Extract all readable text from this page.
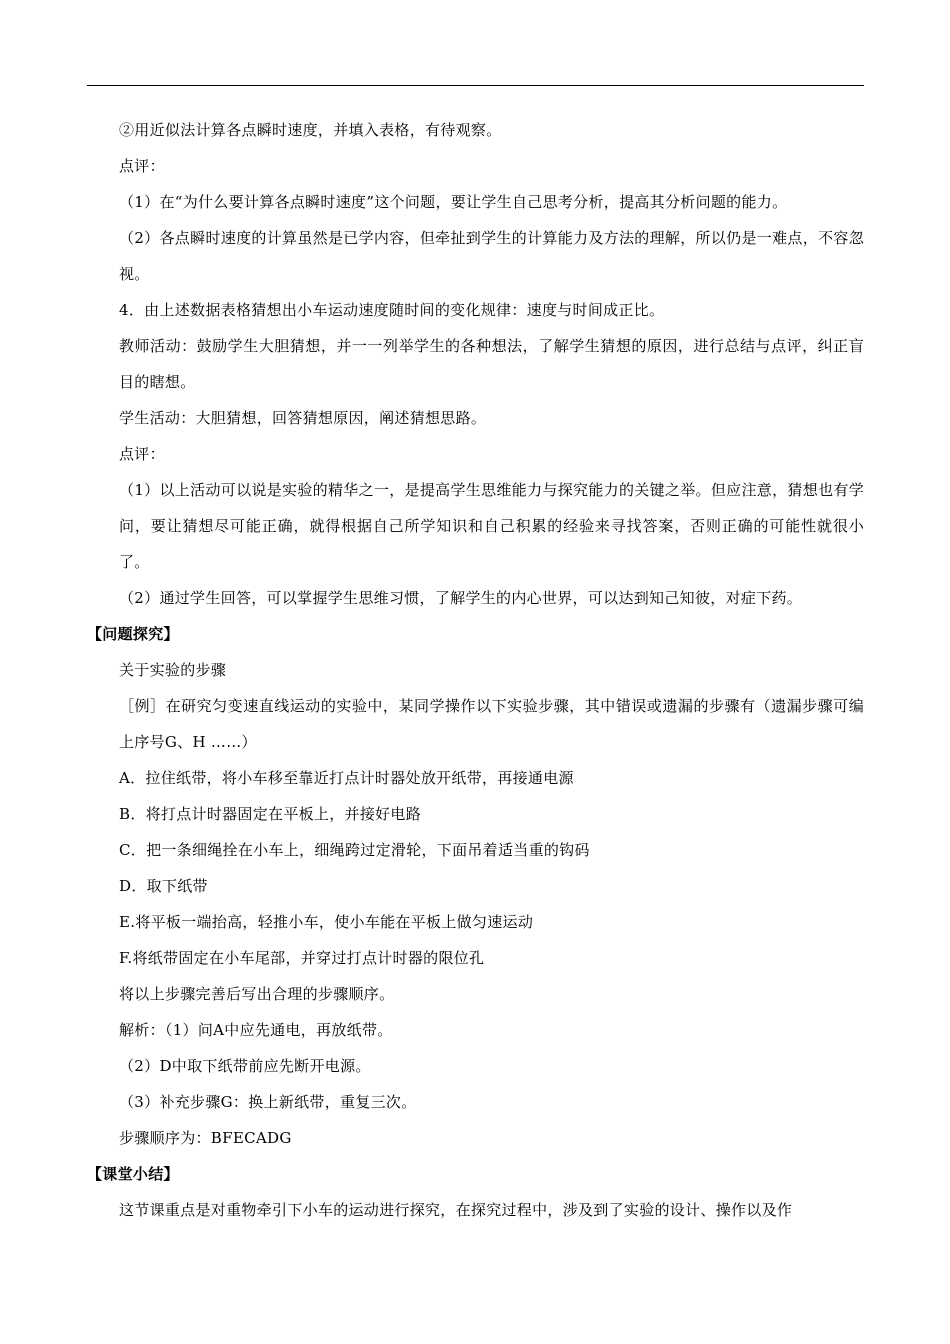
②用近似法计算各点瞬时速度，并填入表格，有待观察。

点评：

（1）在“为什么要计算各点瞬时速度”这个问题，要让学生自己思考分析，提高其分析问题的能力。

（2）各点瞬时速度的计算虽然是已学内容，但牵扯到学生的计算能力及方法的理解，所以仍是一难点，不容忽视。

4．由上述数据表格猜想出小车运动速度随时间的变化规律：速度与时间成正比。

教师活动：鼓励学生大胆猜想，并一一列举学生的各种想法，了解学生猜想的原因，进行总结与点评，纠正盲目的瞎想。

学生活动：大胆猜想，回答猜想原因，阐述猜想思路。

点评：

（1）以上活动可以说是实验的精华之一，是提高学生思维能力与探究能力的关键之举。但应注意，猜想也有学问，要让猜想尽可能正确，就得根据自己所学知识和自己积累的经验来寻找答案，否则正确的可能性就很小了。

（2）通过学生回答，可以掌握学生思维习惯，了解学生的内心世界，可以达到知己知彼，对症下药。

【问题探究】

关于实验的步骤

［例］在研究匀变速直线运动的实验中，某同学操作以下实验步骤，其中错误或遗漏的步骤有（遗漏步骤可编上序号G、H ……）

A．拉住纸带，将小车移至靠近打点计时器处放开纸带，再接通电源

B．将打点计时器固定在平板上，并接好电路

C．把一条细绳拴在小车上，细绳跨过定滑轮，下面吊着适当重的钩码

D．取下纸带

E.将平板一端抬高，轻推小车，使小车能在平板上做匀速运动

F.将纸带固定在小车尾部，并穿过打点计时器的限位孔

将以上步骤完善后写出合理的步骤顺序。

解析：（1）问A中应先通电，再放纸带。

（2）D中取下纸带前应先断开电源。

（3）补充步骤G：换上新纸带，重复三次。

步骤顺序为：BFECADG

【课堂小结】

这节课重点是对重物牵引下小车的运动进行探究，在探究过程中，涉及到了实验的设计、操作以及作
